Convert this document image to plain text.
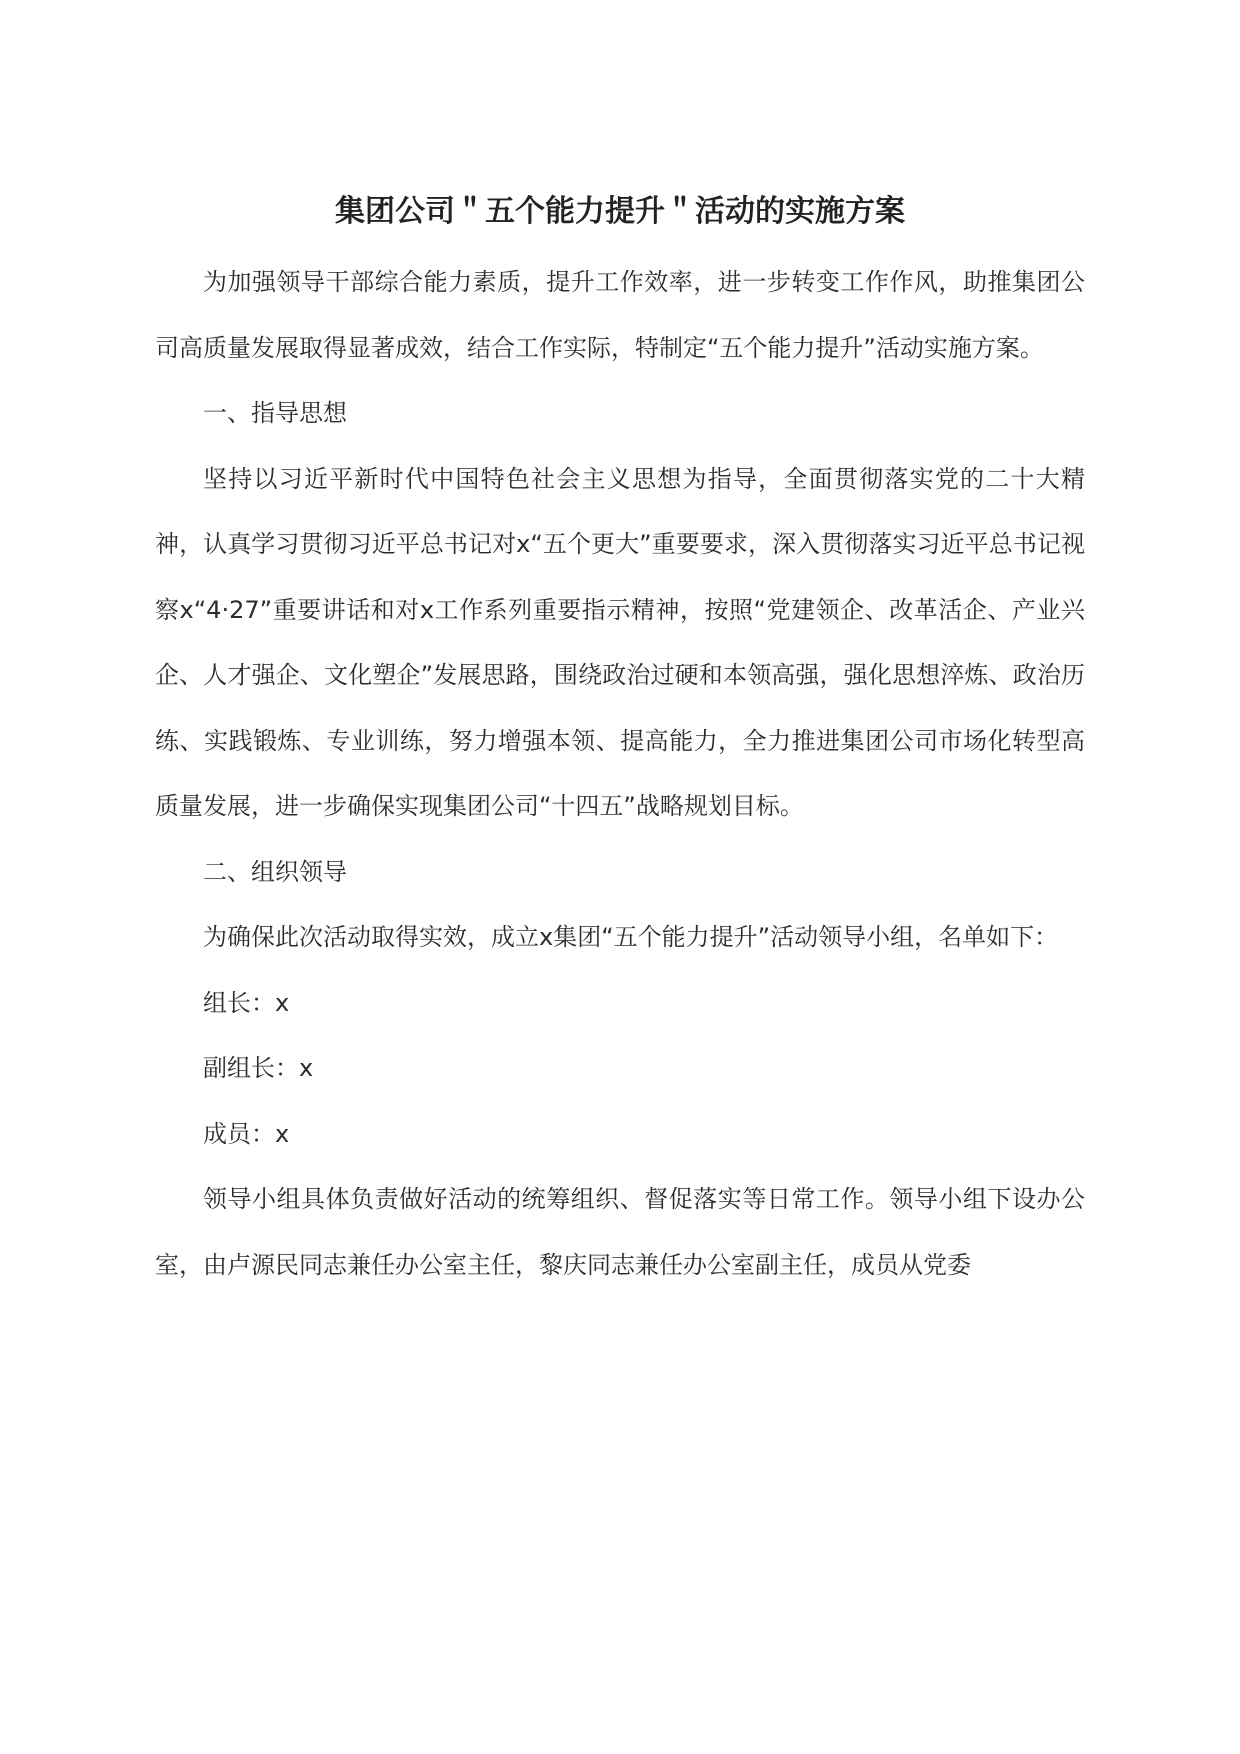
集团公司＂五个能力提升＂活动的实施方案

为加强领导干部综合能力素质，提升工作效率，进一步转变工作作风，助推集团公司高质量发展取得显著成效，结合工作实际，特制定“五个能力提升”活动实施方案。

一、指导思想

坚持以习近平新时代中国特色社会主义思想为指导，全面贯彻落实党的二十大精神，认真学习贯彻习近平总书记对x“五个更大”重要要求，深入贯彻落实习近平总书记视察x“4·27”重要讲话和对x工作系列重要指示精神，按照“党建领企、改革活企、产业兴企、人才强企、文化塑企”发展思路，围绕政治过硬和本领高强，强化思想淬炼、政治历练、实践锻炼、专业训练，努力增强本领、提高能力，全力推进集团公司市场化转型高质量发展，进一步确保实现集团公司“十四五”战略规划目标。

二、组织领导

为确保此次活动取得实效，成立x集团“五个能力提升”活动领导小组，名单如下：

组长：x

副组长：x

成员：x

领导小组具体负责做好活动的统筹组织、督促落实等日常工作。领导小组下设办公室，由卢源民同志兼任办公室主任，黎庆同志兼任办公室副主任，成员从党委
